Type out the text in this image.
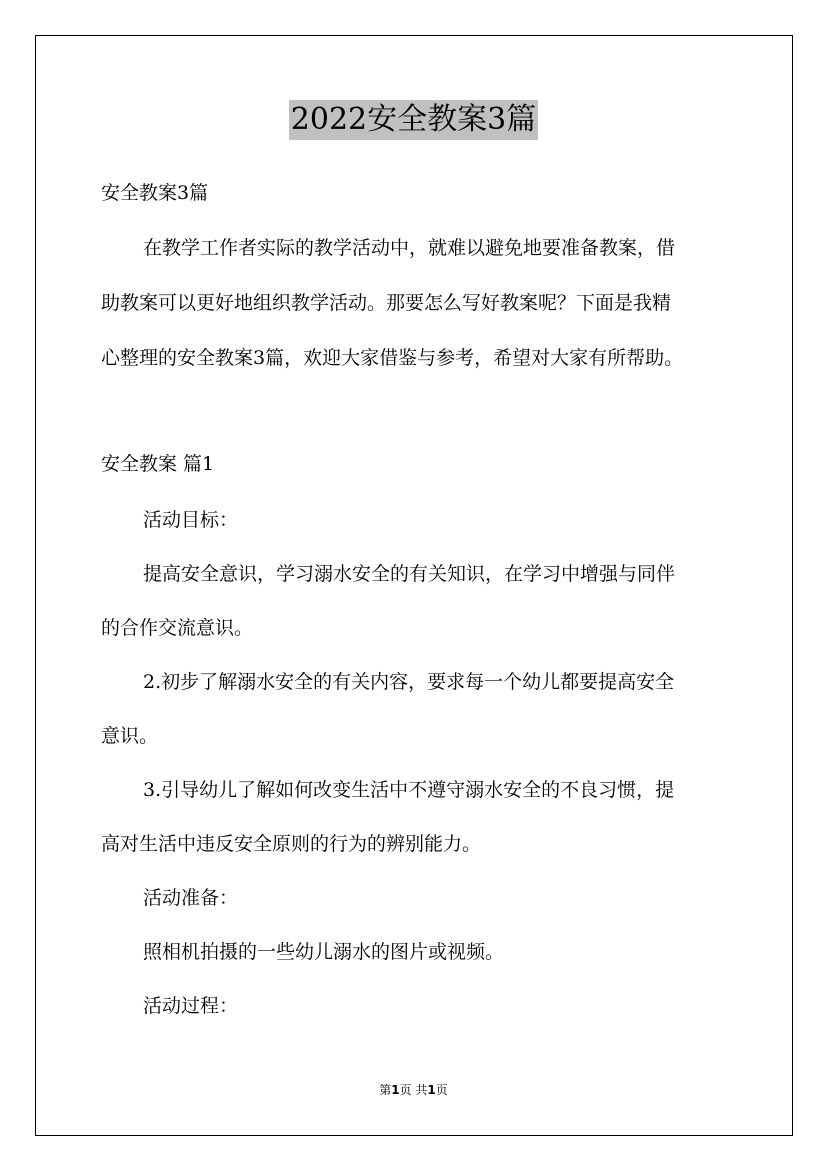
2022安全教案3篇
安全教案3篇
在教学工作者实际的教学活动中，就难以避免地要准备教案，借
助教案可以更好地组织教学活动。那要怎么写好教案呢？下面是我精
心整理的安全教案3篇，欢迎大家借鉴与参考，希望对大家有所帮助。
安全教案 篇1
活动目标：
提高安全意识，学习溺水安全的有关知识，在学习中增强与同伴
的合作交流意识。
2.初步了解溺水安全的有关内容，要求每一个幼儿都要提高安全
意识。
3.引导幼儿了解如何改变生活中不遵守溺水安全的不良习惯，提
高对生活中违反安全原则的行为的辨别能力。
活动准备：
照相机拍摄的一些幼儿溺水的图片或视频。
活动过程：
第1页 共1页
